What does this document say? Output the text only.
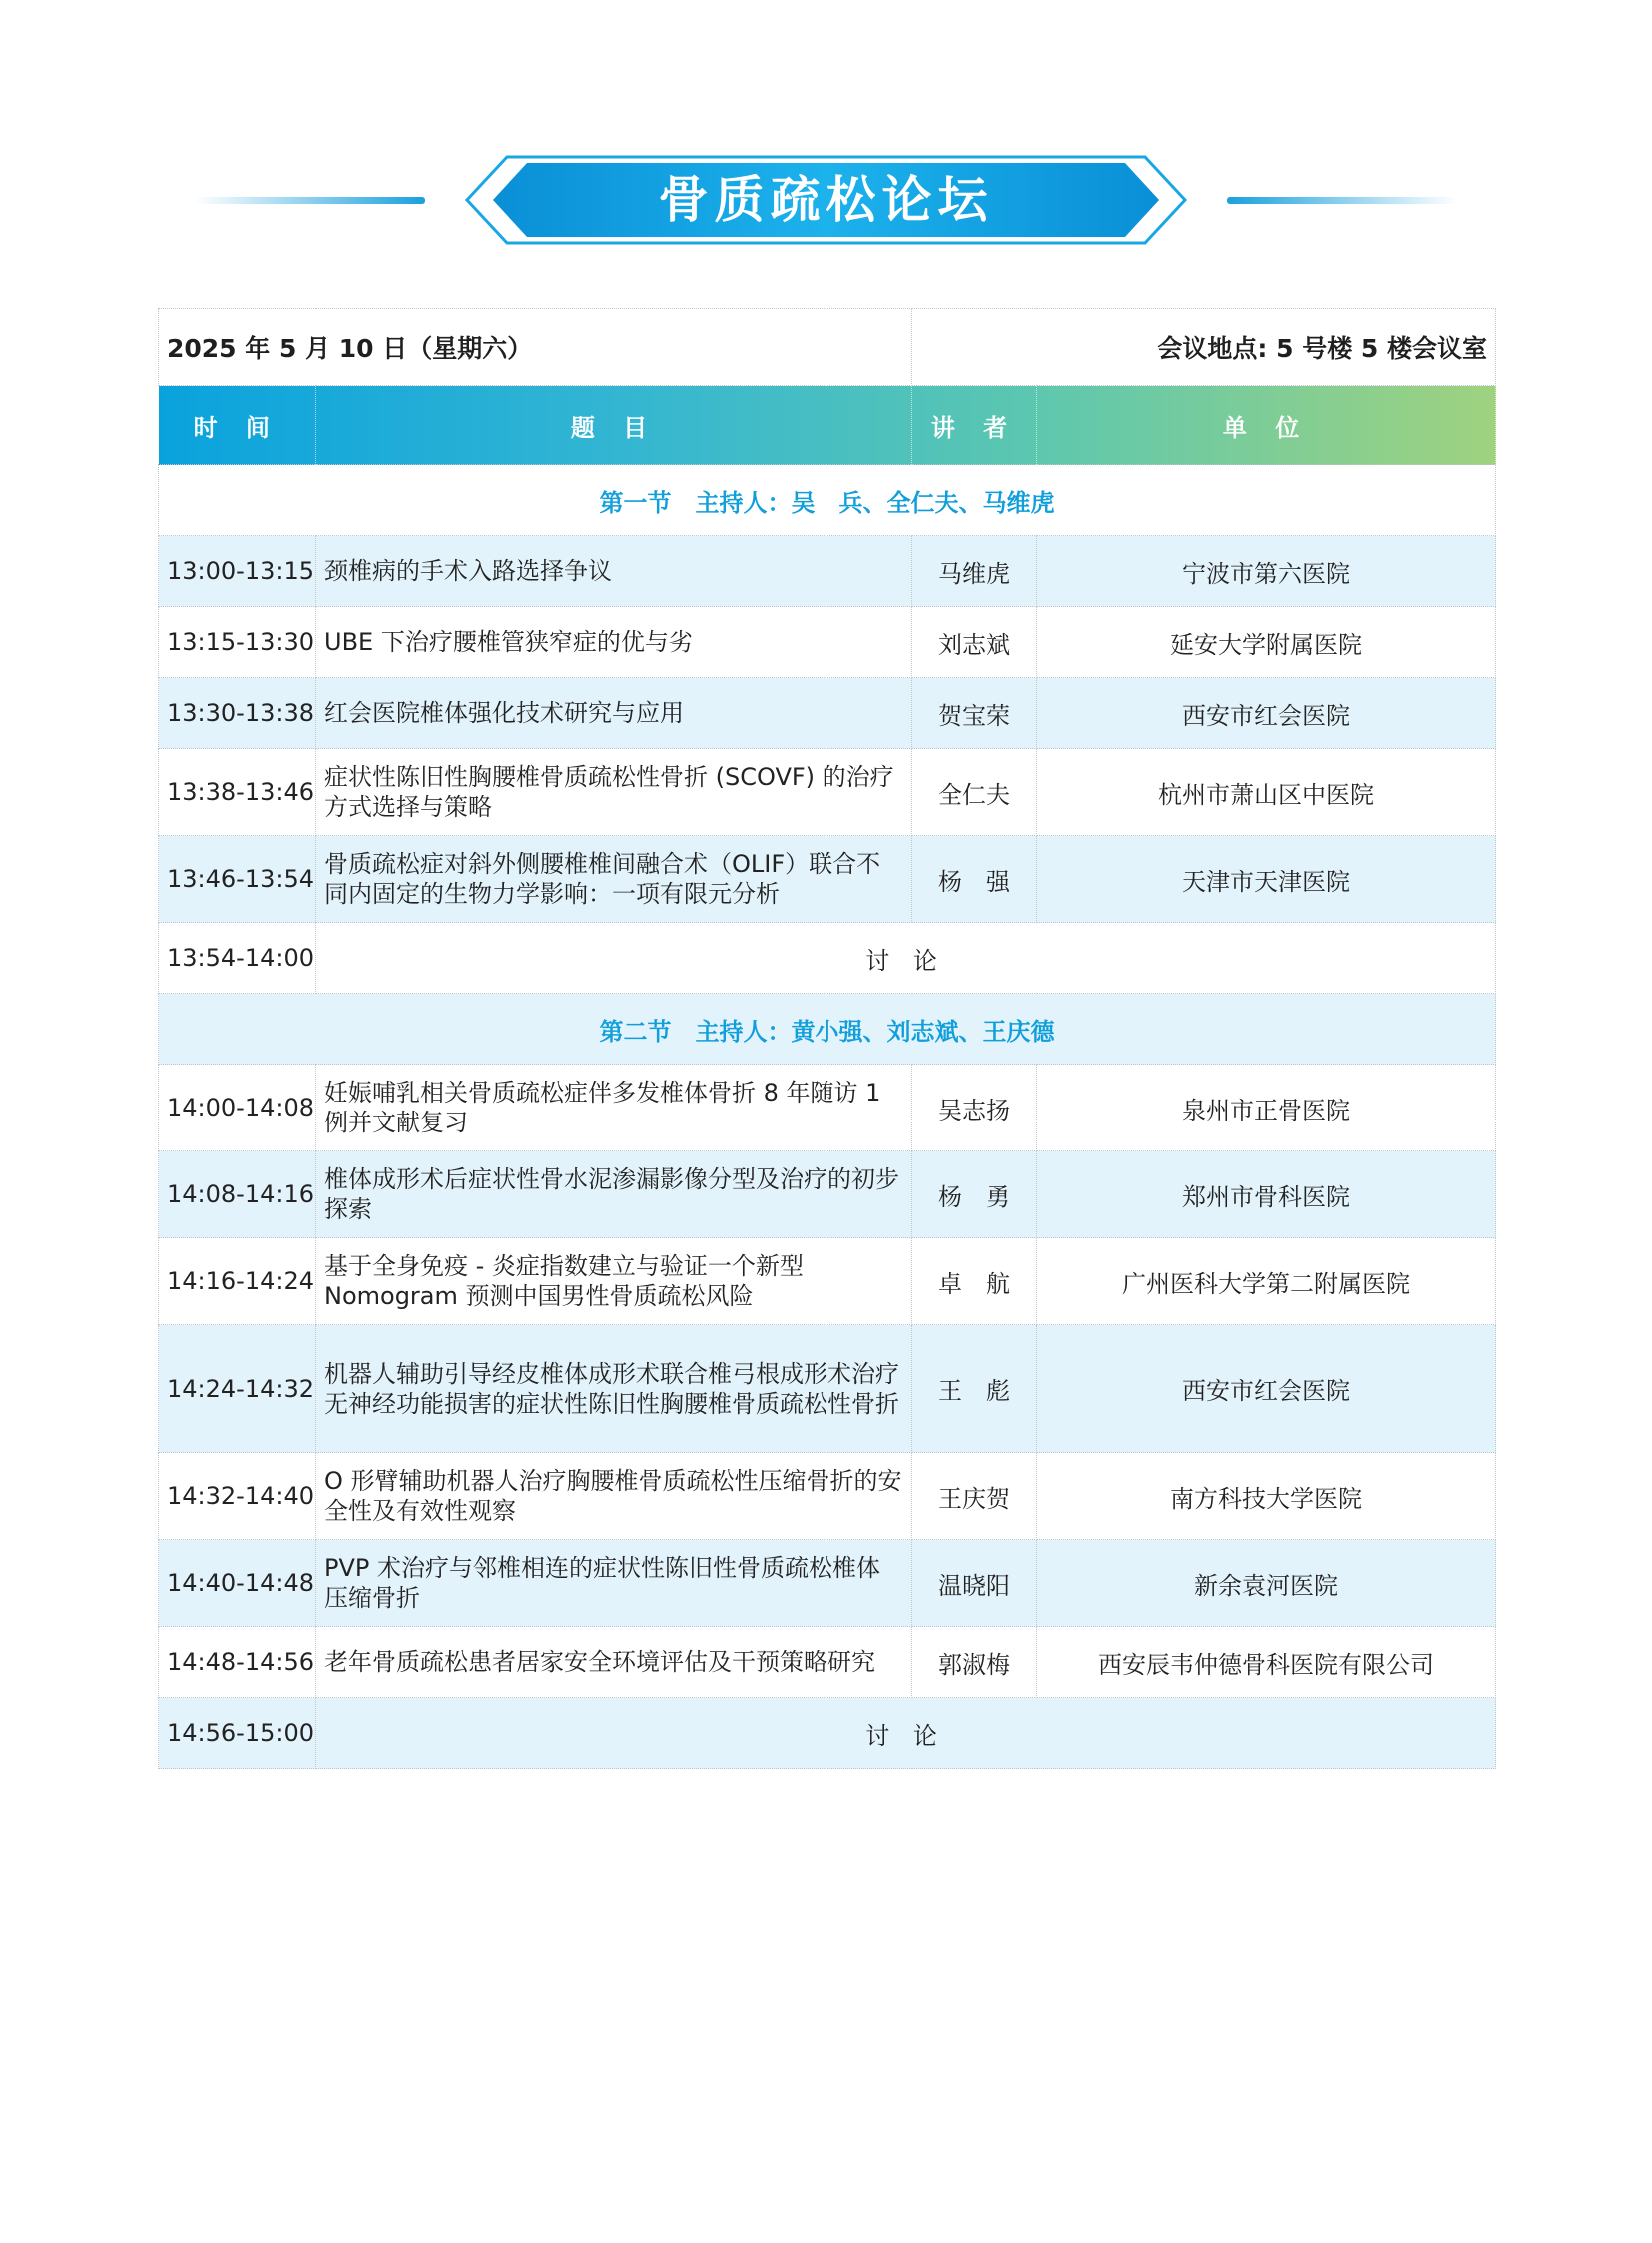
骨质疏松论坛
2025 年 5 月 10 日（星期六）		会议地点: 5 号楼 5 楼会议室	
时 间	题 目	讲 者	单 位
第一节　主持人：吴　兵、全仁夫、马维虎			
13:00-13:15	颈椎病的手术入路选择争议	马维虎	宁波市第六医院
13:15-13:30	UBE 下治疗腰椎管狭窄症的优与劣	刘志斌	延安大学附属医院
13:30-13:38	红会医院椎体强化技术研究与应用	贺宝荣	西安市红会医院
13:38-13:46	症状性陈旧性胸腰椎骨质疏松性骨折 (SCOVF) 的治疗方式选择与策略	全仁夫	杭州市萧山区中医院
13:46-13:54	骨质疏松症对斜外侧腰椎椎间融合术（OLIF）联合不同内固定的生物力学影响：一项有限元分析	杨　强	天津市天津医院
13:54-14:00	讨 论		
第二节　主持人：黄小强、刘志斌、王庆德			
14:00-14:08	妊娠哺乳相关骨质疏松症伴多发椎体骨折 8 年随访 1 例并文献复习	吴志扬	泉州市正骨医院
14:08-14:16	椎体成形术后症状性骨水泥渗漏影像分型及治疗的初步探索	杨　勇	郑州市骨科医院
14:16-14:24	基于全身免疫 - 炎症指数建立与验证一个新型 Nomogram 预测中国男性骨质疏松风险	卓　航	广州医科大学第二附属医院
14:24-14:32	机器人辅助引导经皮椎体成形术联合椎弓根成形术治疗无神经功能损害的症状性陈旧性胸腰椎骨质疏松性骨折	王　彪	西安市红会医院
14:32-14:40	O 形臂辅助机器人治疗胸腰椎骨质疏松性压缩骨折的安全性及有效性观察	王庆贺	南方科技大学医院
14:40-14:48	PVP 术治疗与邻椎相连的症状性陈旧性骨质疏松椎体压缩骨折	温晓阳	新余袁河医院
14:48-14:56	老年骨质疏松患者居家安全环境评估及干预策略研究	郭淑梅	西安辰韦仲德骨科医院有限公司
14:56-15:00	讨 论		
